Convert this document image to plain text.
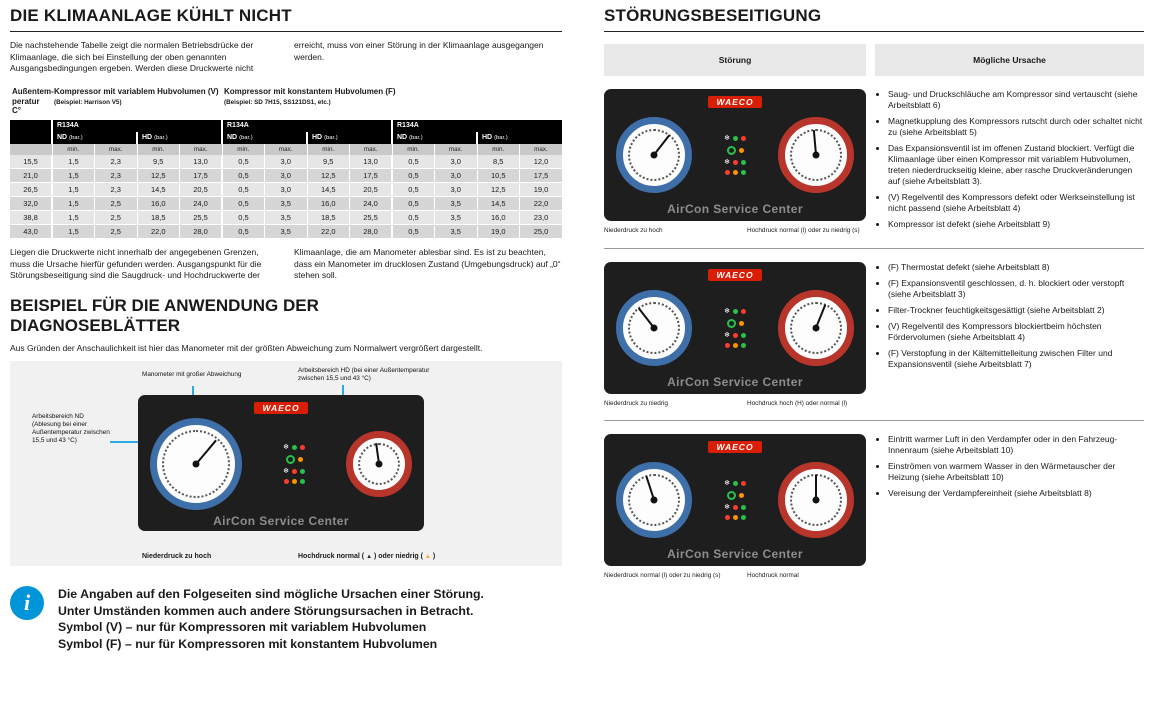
DIE KLIMAANLAGE KÜHLT NICHT
Die nachstehende Tabelle zeigt die normalen Betriebsdrücke der Klimaanlage, die sich bei Einstellung der oben genannten Ausgangsbedingungen ergeben. Werden diese Druckwerte nicht
erreicht, muss von einer Störung in der Klimaanlage ausgegangen werden.
Außentem-
peratur C°	Kompressor mit variablem Hubvolumen (V)
(Beispiel: Harrison V5)				Kompressor mit konstantem Hubvolumen (F)
(Beispiel: SD 7H15, SS121DS1, etc.)							

	R134A				R134A				R134A			
	ND (bar.)		HD (bar.)		ND (bar.)		HD (bar.)		ND (bar.)		HD (bar.)	
	min.	max.	min.	max.	min.	max.	min.	max.	min.	max.	min.	max.
15,5	1,5	2,3	9,5	13,0	0,5	3,0	9,5	13,0	0,5	3,0	8,5	12,0
21,0	1,5	2,3	12,5	17,5	0,5	3,0	12,5	17,5	0,5	3,0	10,5	17,5
26,5	1,5	2,3	14,5	20,5	0,5	3,0	14,5	20,5	0,5	3,0	12,5	19,0
32,0	1,5	2,5	16,0	24,0	0,5	3,5	16,0	24,0	0,5	3,5	14,5	22,0
38,8	1,5	2,5	18,5	25,5	0,5	3,5	18,5	25,5	0,5	3,5	16,0	23,0
43,0	1,5	2,5	22,0	28,0	0,5	3,5	22,0	28,0	0,5	3,5	19,0	25,0
Liegen die Druckwerte nicht innerhalb der angegebenen Grenzen, muss die Ursache hierfür gefunden werden. Ausgangspunkt für die Störungsbeseitigung sind die Saugdruck- und Hochdruckwerte der
Klimaanlage, die am Manometer ablesbar sind. Es ist zu beachten, dass ein Manometer im drucklosen Zustand (Umgebungsdruck) auf „0“ stehen soll.
BEISPIEL FÜR DIE ANWENDUNG DER
DIAGNOSEBLÄTTER
Aus Gründen der Anschaulichkeit ist hier das Manometer mit der größten Abweichung zum Normalwert vergrößert dargestellt.
Manometer mit großer Abweichung
Arbeitsbereich HD (bei einer Außentemperatur zwischen 15,5 und 43 °C)
Arbeitsbereich ND (Ablesung bei einer Außentemperatur zwischen 15,5 und 43 °C)
WAECO
❄
❄
AirCon Service Center
Niederdruck zu hoch	Hochdruck normal ( ▲ ) oder niedrig ( ▲ )
i	Die Angaben auf den Folgeseiten sind mögliche Ursachen einer Störung.
Unter Umständen kommen auch andere Störungsursachen in Betracht.
Symbol (V) – nur für Kompressoren mit variablem Hubvolumen
Symbol (F) – nur für Kompressoren mit konstantem Hubvolumen
STÖRUNGSBESEITIGUNG
Störung	Mögliche Ursache
WAECO
❄
❄
AirCon Service Center
Niederdruck zu hoch	Hochdruck normal (l) oder zu niedrig (s)
• Saug- und Druckschläuche am Kompressor sind vertauscht (siehe Arbeitsblatt 6)
• Magnetkupplung des Kompressors rutscht durch oder schaltet nicht zu (siehe Arbeitsblatt 5)
• Das Expansionsventil ist im offenen Zustand blockiert. Verfügt die Klimaanlage über einen Kompressor mit variablem Hubvolumen, treten niederdruckseitig kleine, aber rasche Druckveränderungen auf (siehe Arbeitsblatt 3).
• (V) Regelventil des Kompressors defekt oder Werkseinstellung ist nicht passend (siehe Arbeitsblatt 4)
• Kompressor ist defekt (siehe Arbeitsblatt 9)
WAECO
❄
❄
AirCon Service Center
Niederdruck zu niedrig	Hochdruck hoch (H) oder normal (l)
• (F) Thermostat defekt (siehe Arbeitsblatt 8)
• (F) Expansionsventil geschlossen, d. h. blockiert oder verstopft (siehe Arbeitsblatt 3)
• Filter-Trockner feuchtigkeitsgesättigt (siehe Arbeitsblatt 2)
• (V) Regelventil des Kompressors blockiertbeim höchsten Fördervolumen (siehe Arbeitsblatt 4)
• (F) Verstopfung in der Kältemittelleitung zwischen Filter und Expansionsventil (siehe Arbeitsblatt 7)
WAECO
❄
❄
AirCon Service Center
Niederdruck normal (l) oder zu niedrig (s)	Hochdruck normal
• Eintritt warmer Luft in den Verdampfer oder in den Fahrzeug-Innenraum (siehe Arbeitsblatt 10)
• Einströmen von warmem Wasser in den Wärmetauscher der Heizung (siehe Arbeitsblatt 10)
• Vereisung der Verdampfereinheit (siehe Arbeitsblatt 8)
